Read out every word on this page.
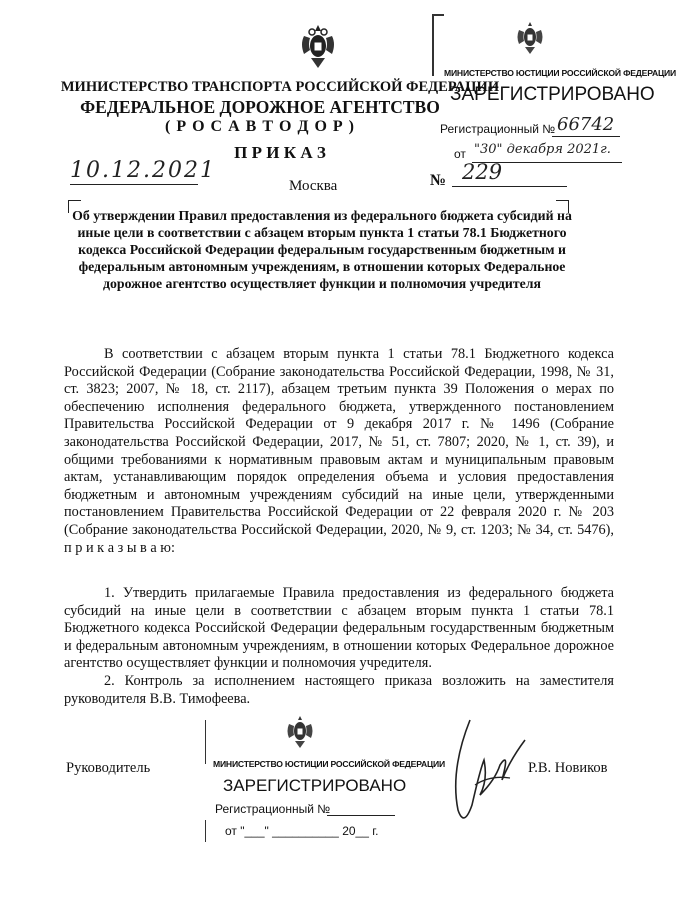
МИНИСТЕРСТВО ТРАНСПОРТА РОССИЙСКОЙ ФЕДЕРАЦИИ
ФЕДЕРАЛЬНОЕ ДОРОЖНОЕ АГЕНТСТВО
( Р О С А В Т О Д О Р )
П Р И К А З
10.12.2021
Москва	№ 229
МИНИСТЕРСТВО ЮСТИЦИИ РОССИЙСКОЙ ФЕДЕРАЦИИ
ЗАРЕГИСТРИРОВАНО
Регистрационный № 66742
от "30" декабря 2021г.
Об утверждении Правил предоставления из федерального бюджета субсидий на иные цели в соответствии с абзацем вторым пункта 1 статьи 78.1 Бюджетного кодекса Российской Федерации федеральным государственным бюджетным и федеральным автономным учреждениям, в отношении которых Федеральное дорожное агентство осуществляет функции и полномочия учредителя
В соответствии с абзацем вторым пункта 1 статьи 78.1 Бюджетного кодекса Российской Федерации (Собрание законодательства Российской Федерации, 1998, № 31, ст. 3823; 2007, № 18, ст. 2117), абзацем третьим пункта 39 Положения о мерах по обеспечению исполнения федерального бюджета, утвержденного постановлением Правительства Российской Федерации от 9 декабря 2017 г. № 1496 (Собрание законодательства Российской Федерации, 2017, № 51, ст. 7807; 2020, № 1, ст. 39), и общими требованиями к нормативным правовым актам и муниципальным правовым актам, устанавливающим порядок определения объема и условия предоставления бюджетным и автономным учреждениям субсидий на иные цели, утвержденными постановлением Правительства Российской Федерации от 22 февраля 2020 г. № 203 (Собрание законодательства Российской Федерации, 2020, № 9, ст. 1203; № 34, ст. 5476), п р и к а з ы в а ю:
1. Утвердить прилагаемые Правила предоставления из федерального бюджета субсидий на иные цели в соответствии с абзацем вторым пункта 1 статьи 78.1 Бюджетного кодекса Российской Федерации федеральным государственным бюджетным и федеральным автономным учреждениям, в отношении которых Федеральное дорожное агентство осуществляет функции и полномочия учредителя.
2. Контроль за исполнением настоящего приказа возложить на заместителя руководителя В.В. Тимофеева.
Руководитель	Р.В. Новиков
МИНИСТЕРСТВО ЮСТИЦИИ РОССИЙСКОЙ ФЕДЕРАЦИИ
ЗАРЕГИСТРИРОВАНО
Регистрационный №
от "___" __________ 20__ г.
